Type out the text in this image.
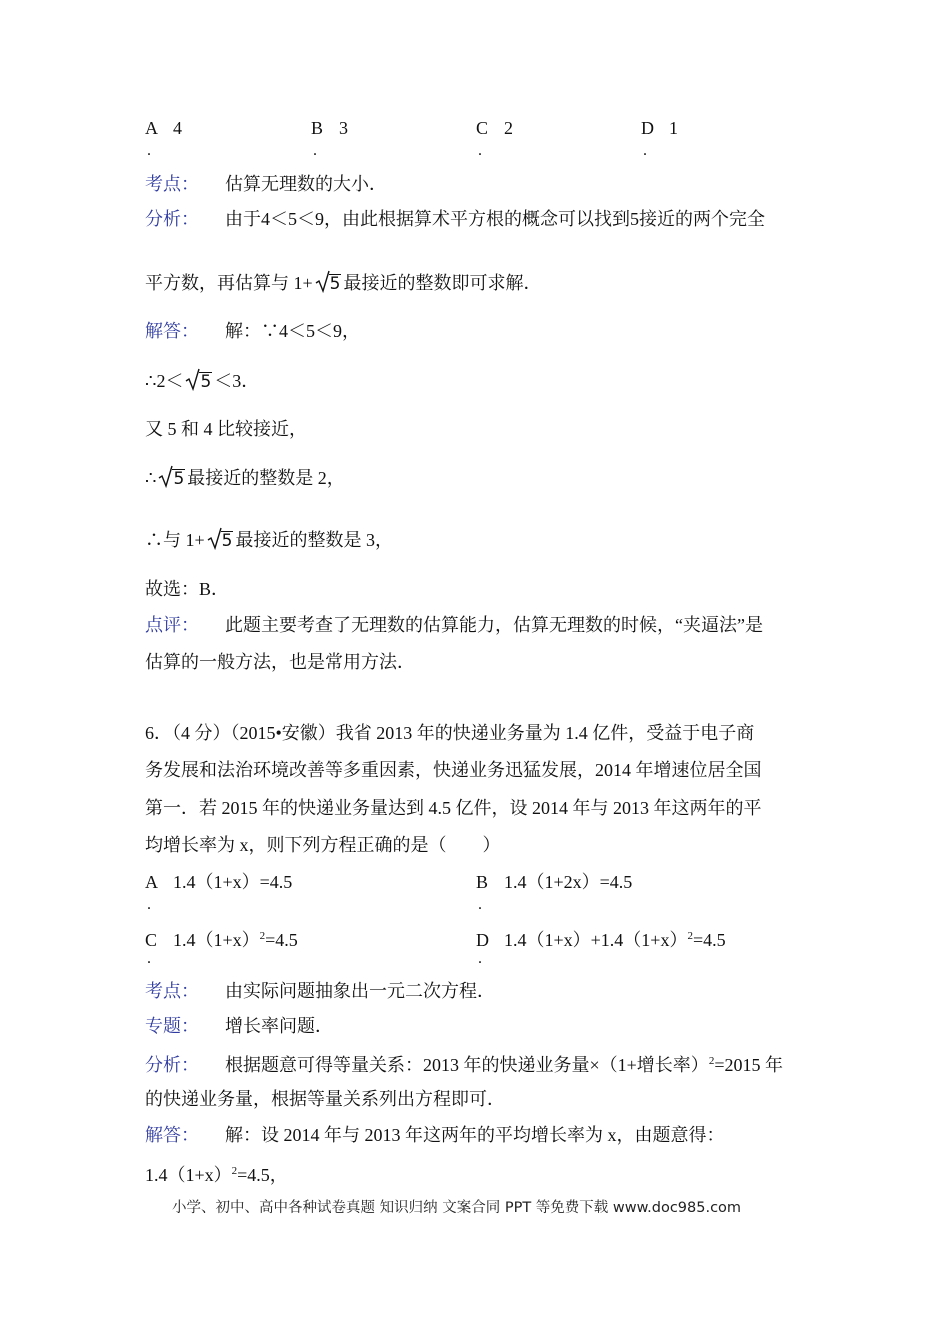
A 4
.
B 3
.
C 2
.
D 1
.
考点： 估算无理数的大小．
分析： 由于4＜5＜9，由此根据算术平方根的概念可以找到5接近的两个完全
平方数，再估算与 1+ 5 最接近的整数即可求解．
解答： 解：∵4＜5＜9，
∴2＜ 5 ＜3．
又 5 和 4 比较接近，
∴ 5 最接近的整数是 2，
∴与 1+ 5 最接近的整数是 3，
故选：B．
点评： 此题主要考查了无理数的估算能力，估算无理数的时候，“夹逼法”是
估算的一般方法，也是常用方法．
6．（4 分）（2015•安徽）我省 2013 年的快递业务量为 1.4 亿件，受益于电子商
务发展和法治环境改善等多重因素，快递业务迅猛发展，2014 年增速位居全国
第一．若 2015 年的快递业务量达到 4.5 亿件，设 2014 年与 2013 年这两年的平
均增长率为 x，则下列方程正确的是（　　）
A 1.4（1+x）=4.5
.
B 1.4（1+2x）=4.5
.
C $1.4(1+x)^2=4.5$
.
D $1.4(1+x)+1.4(1+x)^2=4.5$
.
考点： 由实际问题抽象出一元二次方程．
专题： 增长率问题．
分析： 根据题意可得等量关系：2013 年的快递业务量×（1+增长率）$^2$=2015 年
的快递业务量，根据等量关系列出方程即可．
解答： 解：设 2014 年与 2013 年这两年的平均增长率为 x，由题意得：
$1.4(1+x)^2=4.5$，
小学、初中、高中各种试卷真题 知识归纳 文案合同 PPT 等免费下载 www.doc985.com
